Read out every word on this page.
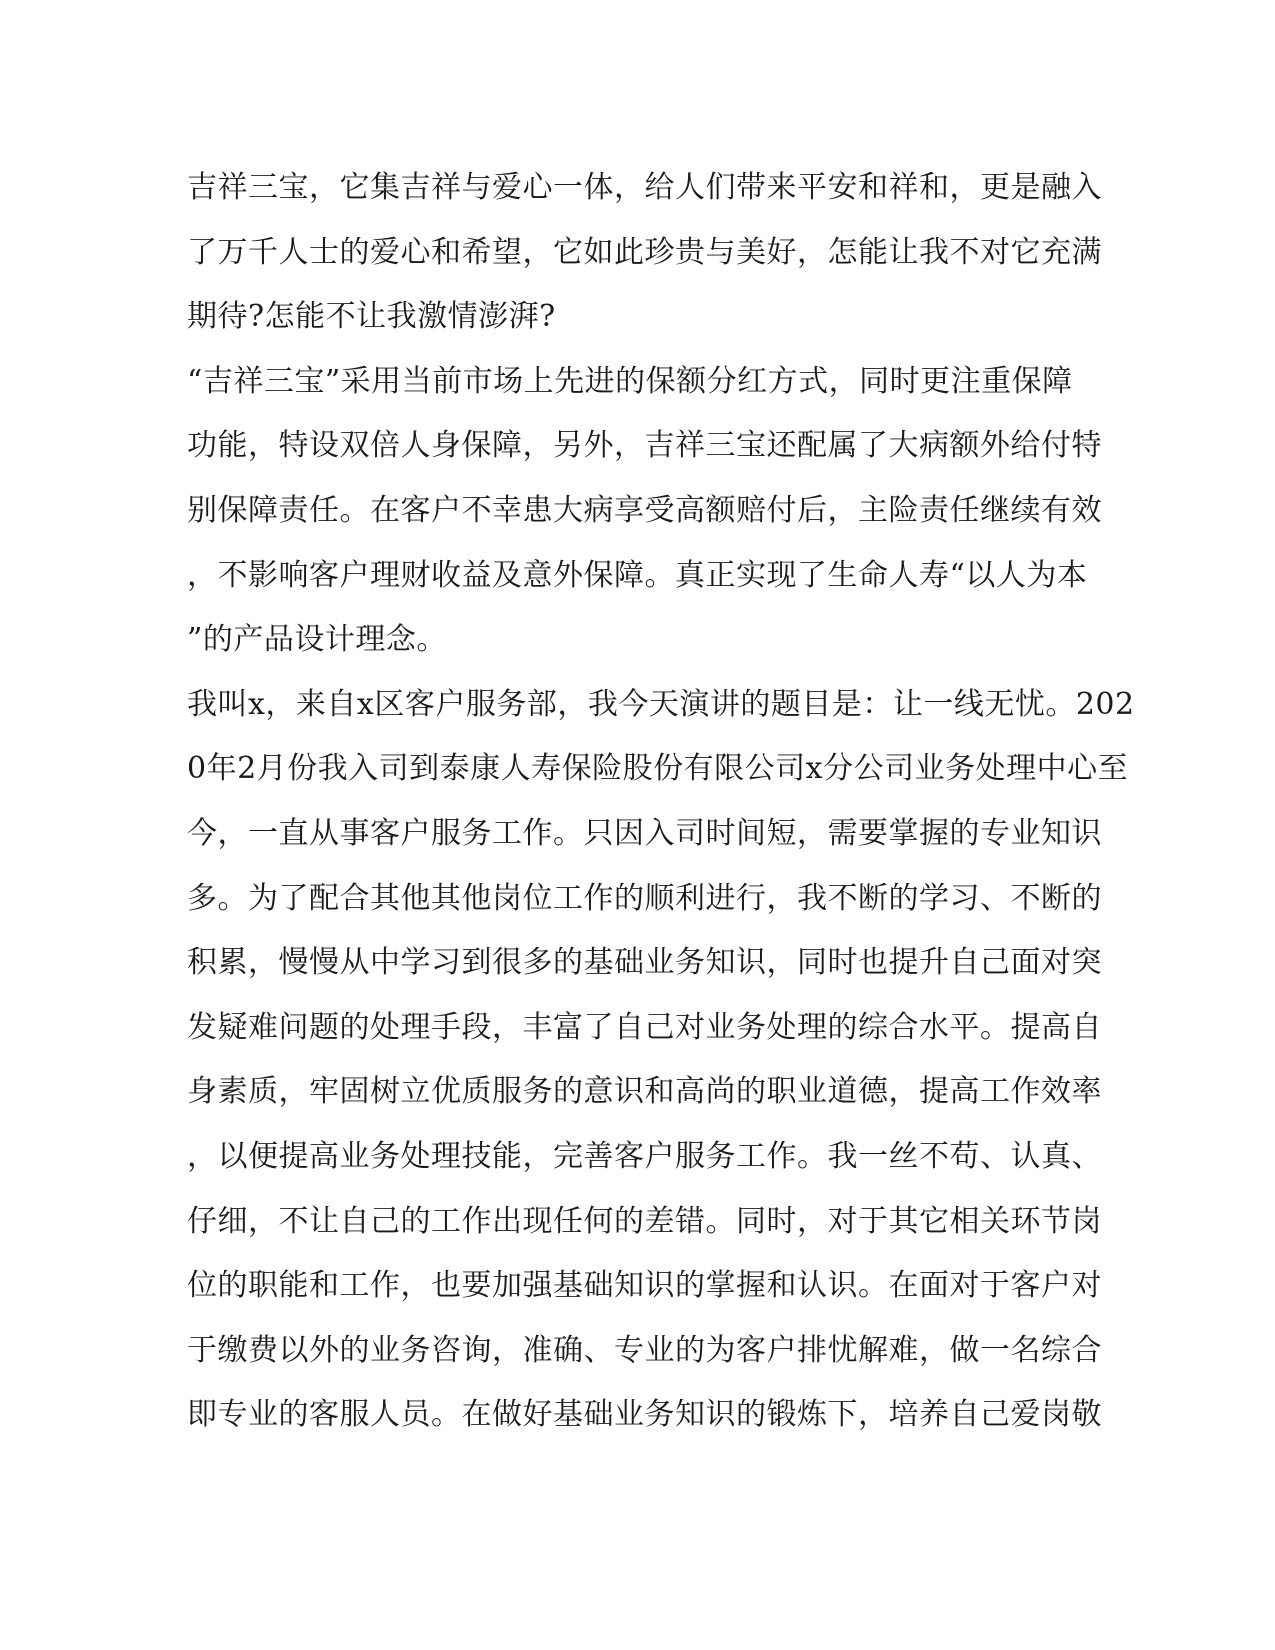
吉祥三宝，它集吉祥与爱心一体，给人们带来平安和祥和，更是融入
了万千人士的爱心和希望，它如此珍贵与美好，怎能让我不对它充满
期待?怎能不让我激情澎湃?
“吉祥三宝”采用当前市场上先进的保额分红方式，同时更注重保障
功能，特设双倍人身保障，另外，吉祥三宝还配属了大病额外给付特
别保障责任。在客户不幸患大病享受高额赔付后，主险责任继续有效
，不影响客户理财收益及意外保障。真正实现了生命人寿“以人为本
”的产品设计理念。
我叫x，来自x区客户服务部，我今天演讲的题目是：让一线无忧。202
0年2月份我入司到泰康人寿保险股份有限公司x分公司业务处理中心至
今，一直从事客户服务工作。只因入司时间短，需要掌握的专业知识
多。为了配合其他其他岗位工作的顺利进行，我不断的学习、不断的
积累，慢慢从中学习到很多的基础业务知识，同时也提升自己面对突
发疑难问题的处理手段，丰富了自己对业务处理的综合水平。提高自
身素质，牢固树立优质服务的意识和高尚的职业道德，提高工作效率
，以便提高业务处理技能，完善客户服务工作。我一丝不苟、认真、
仔细，不让自己的工作出现任何的差错。同时，对于其它相关环节岗
位的职能和工作，也要加强基础知识的掌握和认识。在面对于客户对
于缴费以外的业务咨询，准确、专业的为客户排忧解难，做一名综合
即专业的客服人员。在做好基础业务知识的锻炼下，培养自己爱岗敬
